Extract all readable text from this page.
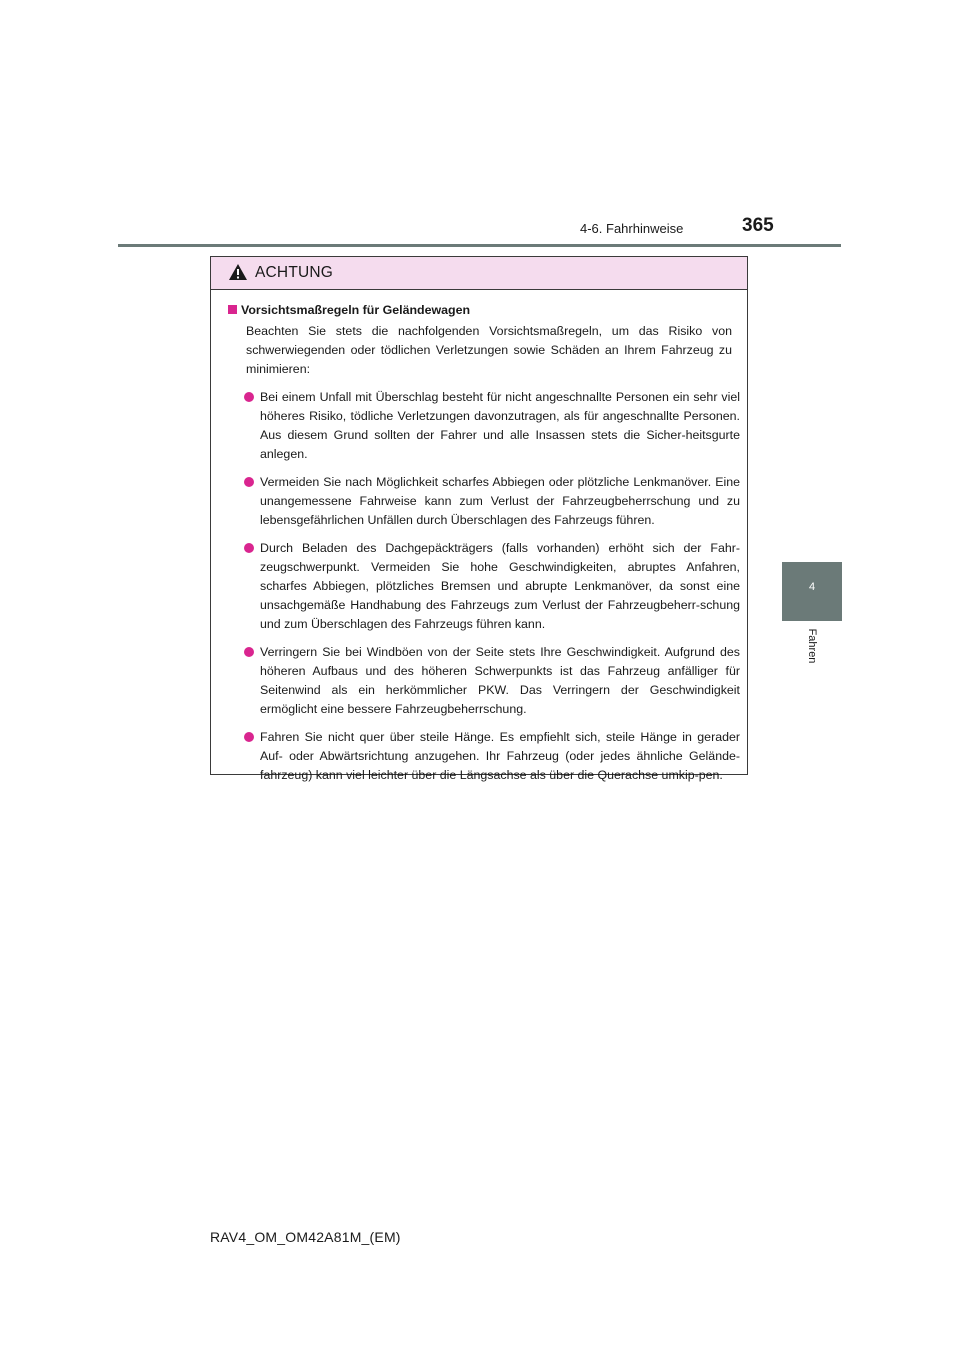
4-6. Fahrhinweise	365
4
Fahren
ACHTUNG
Vorsichtsmaßregeln für Geländewagen

Beachten Sie stets die nachfolgenden Vorsichtsmaßregeln, um das Risiko von schwerwiegenden oder tödlichen Verletzungen sowie Schäden an Ihrem Fahrzeug zu minimieren:

Bei einem Unfall mit Überschlag besteht für nicht angeschnallte Personen ein sehr viel höheres Risiko, tödliche Verletzungen davonzutragen, als für angeschnallte Personen. Aus diesem Grund sollten der Fahrer und alle Insassen stets die Sicher-heitsgurte anlegen.
Vermeiden Sie nach Möglichkeit scharfes Abbiegen oder plötzliche Lenkmanöver. Eine unangemessene Fahrweise kann zum Verlust der Fahrzeugbeherrschung und zu lebensgefährlichen Unfällen durch Überschlagen des Fahrzeugs führen.
Durch Beladen des Dachgepäckträgers (falls vorhanden) erhöht sich der Fahr-zeugschwerpunkt. Vermeiden Sie hohe Geschwindigkeiten, abruptes Anfahren, scharfes Abbiegen, plötzliches Bremsen und abrupte Lenkmanöver, da sonst eine unsachgemäße Handhabung des Fahrzeugs zum Verlust der Fahrzeugbeherr-schung und zum Überschlagen des Fahrzeugs führen kann.
Verringern Sie bei Windböen von der Seite stets Ihre Geschwindigkeit. Aufgrund des höheren Aufbaus und des höheren Schwerpunkts ist das Fahrzeug anfälliger für Seitenwind als ein herkömmlicher PKW. Das Verringern der Geschwindigkeit ermöglicht eine bessere Fahrzeugbeherrschung.
Fahren Sie nicht quer über steile Hänge. Es empfiehlt sich, steile Hänge in gerader Auf- oder Abwärtsrichtung anzugehen. Ihr Fahrzeug (oder jedes ähnliche Gelände-fahrzeug) kann viel leichter über die Längsachse als über die Querachse umkip-pen.
RAV4_OM_OM42A81M_(EM)
